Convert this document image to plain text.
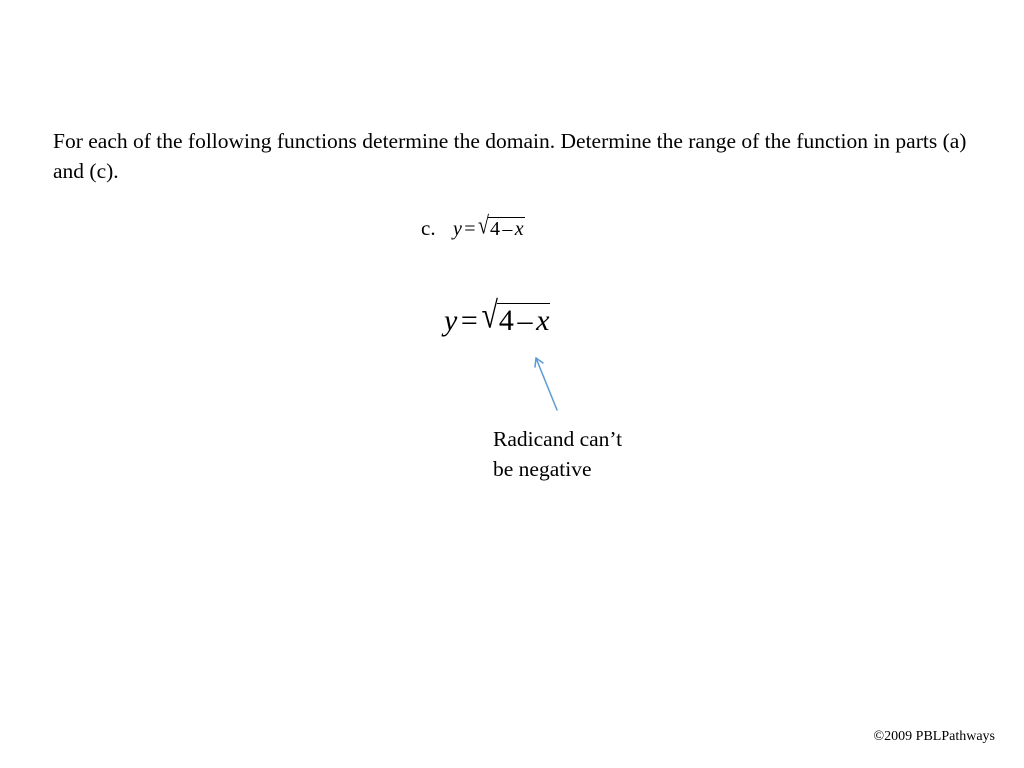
For each of the following functions determine the domain. Determine the range of the function in parts (a) and (c).

c. y = √4 – x
y = √4 – x
Radicand can’t
be negative
©2009 PBLPathways
